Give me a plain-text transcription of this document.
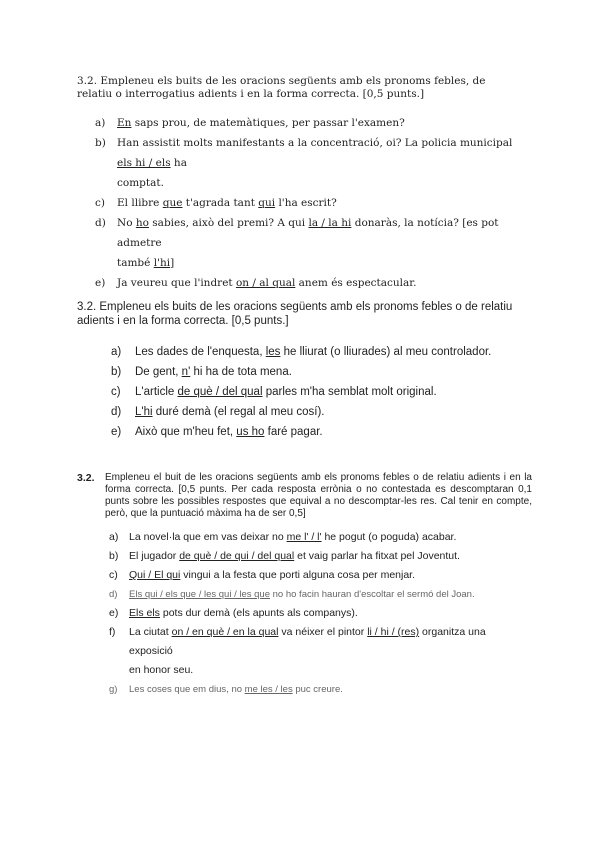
3.2. Empleneu els buits de les oracions següents amb els pronoms febles, de relatiu o interrogatius adients i en la forma correcta. [0,5 punts.]

a)	En saps prou, de matemàtiques, per passar l'examen?
b)	Han assistit molts manifestants a la concentració, oi? La policia municipal els hi / els ha
comptat.
c)	El llibre que t'agrada tant qui l'ha escrit?
d)	No ho sabies, això del premi? A qui la / la hi donaràs, la notícia? [es pot admetre
també l'hi]
e)	Ja veureu que l'indret on / al qual anem és espectacular.

3.2. Empleneu els buits de les oracions següents amb els pronoms febles o de relatiu adients i en la forma correcta. [0,5 punts.]

a)	Les dades de l'enquesta, les he lliurat (o lliurades) al meu controlador.
b)	De gent, n' hi ha de tota mena.
c)	L'article de què / del qual parles m'ha semblat molt original.
d)	L'hi duré demà (el regal al meu cosí).
e)	Això que m'heu fet, us ho faré pagar.
3.2.	Empleneu el buit de les oracions següents amb els pronoms febles o de relatiu adients i en la forma correcta. [0,5 punts. Per cada resposta errònia o no contestada es descomptaran 0,1 punts sobre les possibles respostes que equival a no descomptar-les res. Cal tenir en compte, però, que la puntuació màxima ha de ser 0,5]

a)	La novel·la que em vas deixar no me l' / l' he pogut (o poguda) acabar.
b)	El jugador de què / de qui / del qual et vaig parlar ha fitxat pel Joventut.
c)	Qui / El qui vingui a la festa que porti alguna cosa per menjar.
d)	Els qui / els que / les qui / les que no ho facin hauran d'escoltar el sermó del Joan.
e)	Els els pots dur demà (els apunts als companys).
f)	La ciutat on / en què / en la qual va néixer el pintor li / hi / (res) organitza una exposició
en honor seu.
g)	Les coses que em dius, no me les / les puc creure.
